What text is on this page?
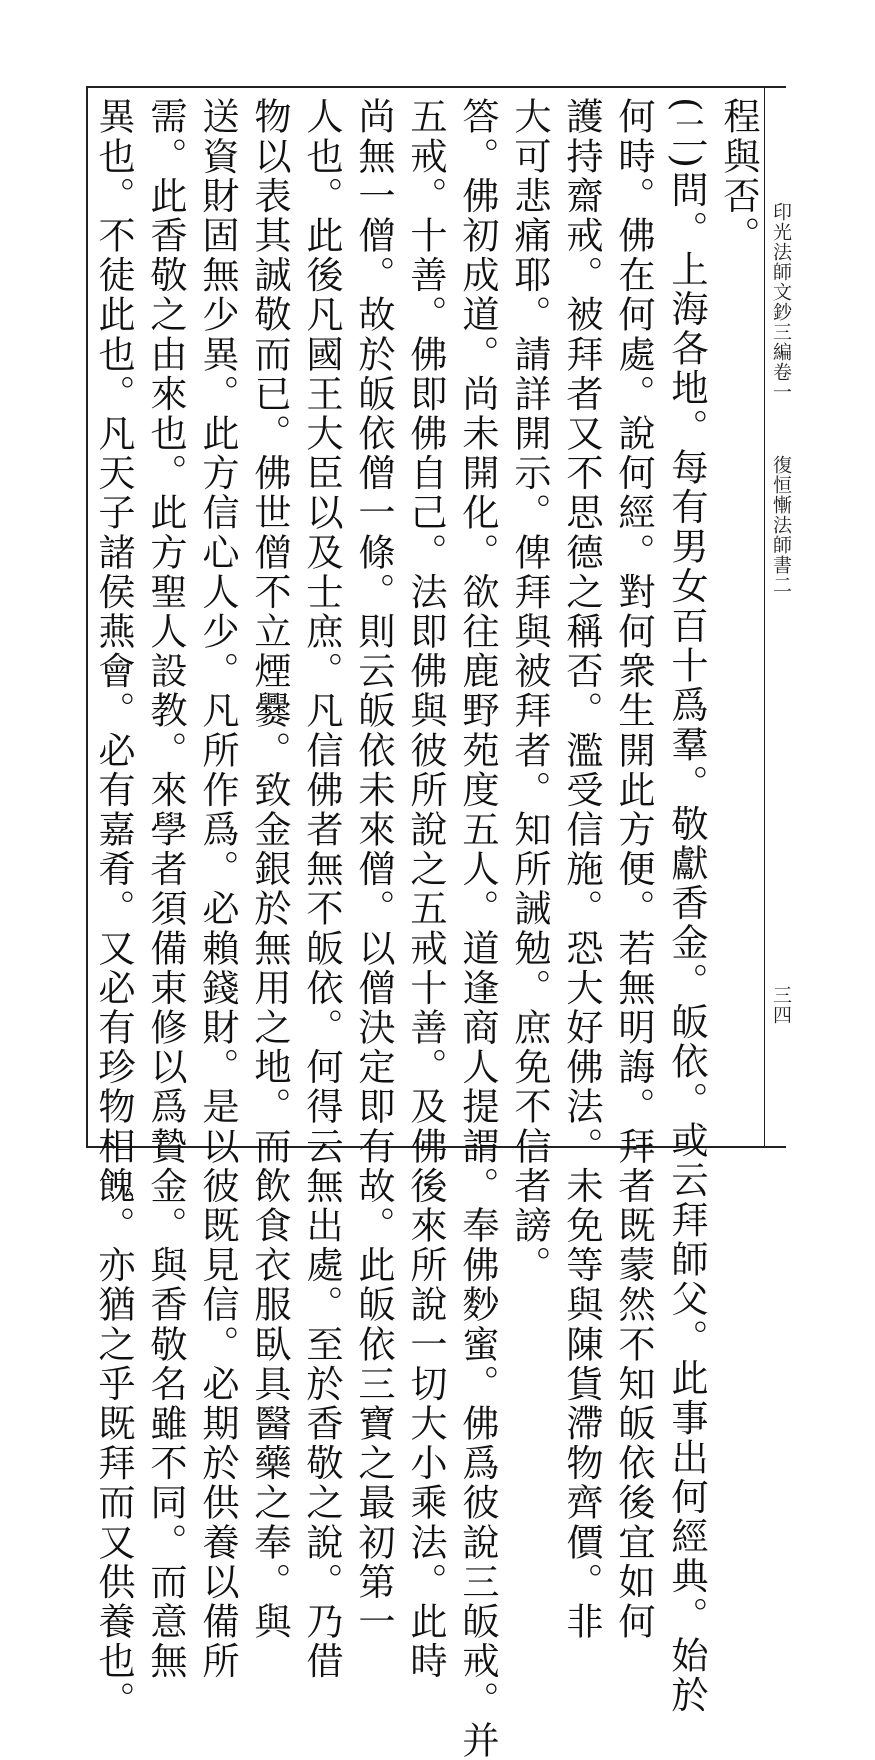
印光法師文鈔三編卷一
復恒慚法師書二
三四
程與否。
(二)問。上海各地。每有男女百十爲羣。敬獻香金。皈依。或云拜師父。此事出何經典。始於
何時。佛在何處。說何經。對何衆生開此方便。若無明誨。拜者既蒙然不知皈依後宜如何
護持齋戒。被拜者又不思德之稱否。濫受信施。恐大好佛法。未免等與陳貨滯物齊價。非
大可悲痛耶。請詳開示。俾拜與被拜者。知所誡勉。庶免不信者謗。
答。佛初成道。尚未開化。欲往鹿野苑度五人。道逢商人提謂。奉佛麨蜜。佛爲彼說三皈戒。并
五戒。十善。佛即佛自己。法即佛與彼所說之五戒十善。及佛後來所說一切大小乘法。此時
尚無一僧。故於皈依僧一條。則云皈依未來僧。以僧決定即有故。此皈依三寶之最初第一
人也。此後凡國王大臣以及士庶。凡信佛者無不皈依。何得云無出處。至於香敬之說。乃借
物以表其誠敬而已。佛世僧不立煙爨。致金銀於無用之地。而飲食衣服臥具醫藥之奉。與
送資財固無少異。此方信心人少。凡所作爲。必賴錢財。是以彼既見信。必期於供養以備所
需。此香敬之由來也。此方聖人設教。來學者須備束修以爲贄金。與香敬名雖不同。而意無
異也。不徒此也。凡天子諸侯燕會。必有嘉肴。又必有珍物相餽。亦猶之乎既拜而又供養也。
